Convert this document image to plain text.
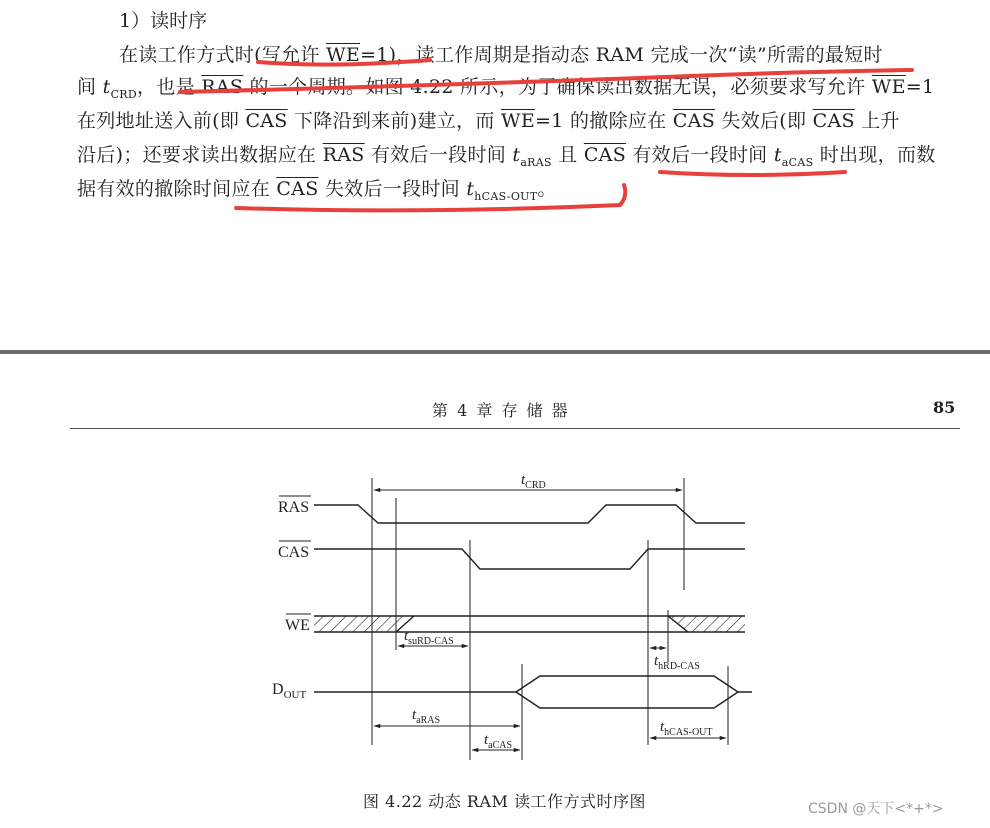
1）读时序
在读工作方式时(写允许 $\overline{WE}=1$)，读工作周期是指动态 RAM 完成一次“读”所需的最短时
间 $t_{CRD}$，也是 $\overline{RAS}$ 的一个周期。如图 4.22 所示，为了确保读出数据无误，必须要求写允许 $\overline{WE}=1$
在列地址送入前(即 $\overline{CAS}$ 下降沿到来前)建立，而 $\overline{WE}=1$ 的撤除应在 $\overline{CAS}$ 失效后(即 $\overline{CAS}$ 上升
沿后)；还要求读出数据应在 $\overline{RAS}$ 有效后一段时间 $t_{aRAS}$ 且 $\overline{CAS}$ 有效后一段时间 $t_{aCAS}$ 时出现，而数
据有效的撤除时间应在 $\overline{CAS}$ 失效后一段时间 $t_{hCAS-OUT}$。
第 4 章 存 储 器	85
RAS
CAS
WE
$D_{OUT}$
$t_{CRD}$
$t_{suRD-CAS}$
$t_{hRD-CAS}$
$t_{aRAS}$
$t_{aCAS}$
$t_{hCAS-OUT}$
图 4.22 动态 RAM 读工作方式时序图	CSDN @天下<*+*>
